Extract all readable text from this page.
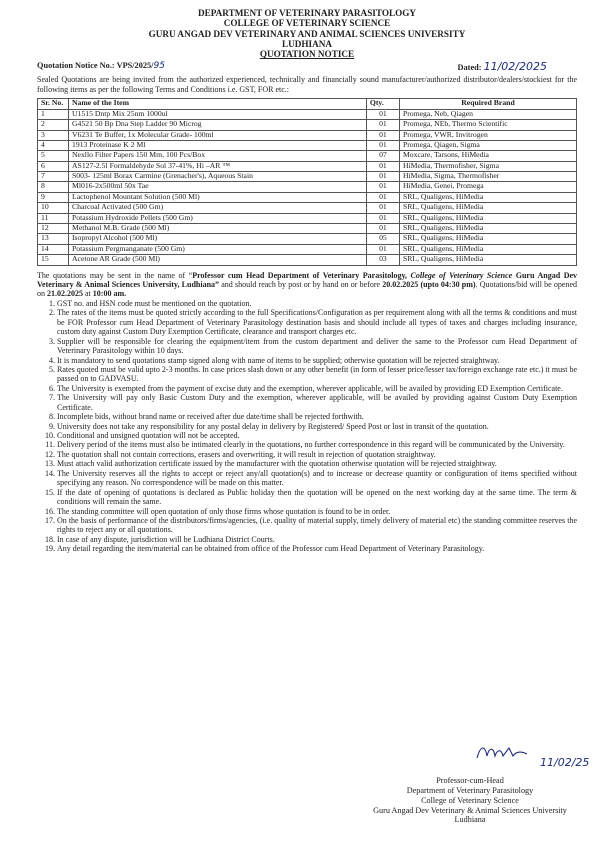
DEPARTMENT OF VETERINARY PARASITOLOGY
COLLEGE OF VETERINARY SCIENCE
GURU ANGAD DEV VETERINARY AND ANIMAL SCIENCES UNIVERSITY
LUDHIANA
QUOTATION NOTICE
Quotation Notice No.: VPS/2025/95	Dated: 11/02/2025
Sealed Quotations are being invited from the authorized experienced, technically and financially sound manufacturer/authorized distributor/dealers/stockiest for the following items as per the following Terms and Conditions i.e. GST, FOR etc.:
Sr. No.	Name of the Item	Qty.	Required Brand
1	U1515 Dntp Mix 25nm 1000ul	01	Promega, Neb, Qiagen
2	G4521 50 Bp Dna Step Ladder 90 Microg	01	Promega, NEb, Thermo Scientific
3	V6231 Te Buffer, 1x Molecular Grade- 100ml	01	Promega, VWR, Invitrogen
4	1913 Proteinase K 2 Ml	01	Promega, Qiagen, Sigma
5	Nexllo Filter Papers 150 Mm, 100 Pcs/Box	07	Moxcare, Tarsons, HiMedia
6	AS127-2.5l Formaldehyde Sol 37-41%, Hi –AR ™	01	HiMedia, Thermofisher, Sigma
7	S003- 125ml Borax Carmine (Grenacher's), Aqueous Stain	01	HiMedia, Sigma, Thermofisher
8	Ml016-2x500ml 50x Tae	01	HiMedia, Genei, Promega
9	Lactophenol Mountant Solution (500 Ml)	01	SRL, Qualigens, HiMedia
10	Charcoal Activated (500 Gm)	01	SRL, Qualigens, HiMedia
11	Potassium Hydroxide Pellets (500 Gm)	01	SRL, Qualigens, HiMedia
12	Methanol M.B. Grade (500 Ml)	01	SRL, Qualigens, HiMedia
13	Isopropyl Alcohol (500 Ml)	05	SRL, Qualigens, HiMedia
14	Potassium Pergmanganate (500 Gm)	01	SRL, Qualigens, HiMedia
15	Acetone AR Grade (500 Ml)	03	SRL, Qualigens, HiMedia
The quotations may be sent in the name of “Professor cum Head Department of Veterinary Parasitology, College of Veterinary Science Guru Angad Dev Veterinary & Animal Sciences University, Ludhiana” and should reach by post or by hand on or before 20.02.2025 (upto 04:30 pm). Quotations/bid will be opened on 21.02.2025 at 10:00 am.
1. GST no. and HSN code must be mentioned on the quotation.
2. The rates of the items must be quoted strictly according to the full Specifications/Configuration as per requirement along with all the terms & conditions and must be FOR Professor cum Head Department of Veterinary Parasitology destination basis and should include all types of taxes and charges including insurance, custom duty against Custom Duty Exemption Certificate, clearance and transport charges etc.
3. Supplier will be responsible for clearing the equipment/item from the custom department and deliver the same to the Professor cum Head Department of Veterinary Parasitology within 10 days.
4. It is mandatory to send quotations stamp signed along with name of items to be supplied; otherwise quotation will be rejected straightway.
5. Rates quoted must be valid upto 2-3 months. In case prices slash down or any other benefit (in form of lesser price/lesser tax/foreign exchange rate etc.) it must be passed on to GADVASU.
6. The University is exempted from the payment of excise duty and the exemption, wherever applicable, will be availed by providing ED Exemption Certificate.
7. The University will pay only Basic Custom Duty and the exemption, wherever applicable, will be availed by providing against Custom Duty Exemption Certificate.
8. Incomplete bids, without brand name or received after due date/time shall be rejected forthwith.
9. University does not take any responsibility for any postal delay in delivery by Registered/ Speed Post or lost in transit of the quotation.
10. Conditional and unsigned quotation will not be accepted.
11. Delivery period of the items must also be intimated clearly in the quotations, no further correspondence in this regard will be communicated by the University.
12. The quotation shall not contain corrections, erasers and overwriting, it will result in rejection of quotation straightway.
13. Must attach valid authorization certificate issued by the manufacturer with the quotation otherwise quotation will be rejected straightway.
14. The University reserves all the rights to accept or reject any/all quotation(s) and to increase or decrease quantity or configuration of items specified without specifying any reason. No correspondence will be made on this matter.
15. If the date of opening of quotations is declared as Public holiday then the quotation will be opened on the next working day at the same time. The term & conditions will remain the same.
16. The standing committee will open quotation of only those firms whose quotation is found to be in order.
17. On the basis of performance of the distributors/firms/agencies, (i.e. quality of material supply, timely delivery of material etc) the standing committee reserves the rights to reject any or all quotations.
18. In case of any dispute, jurisdiction will be Ludhiana District Courts.
19. Any detail regarding the item/material can be obtained from office of the Professor cum Head Department of Veterinary Parasitology.
11/02/25
Professor-cum-Head
Department of Veterinary Parasitology
College of Veterinary Science
Guru Angad Dev Veterinary & Animal Sciences University
Ludhiana
